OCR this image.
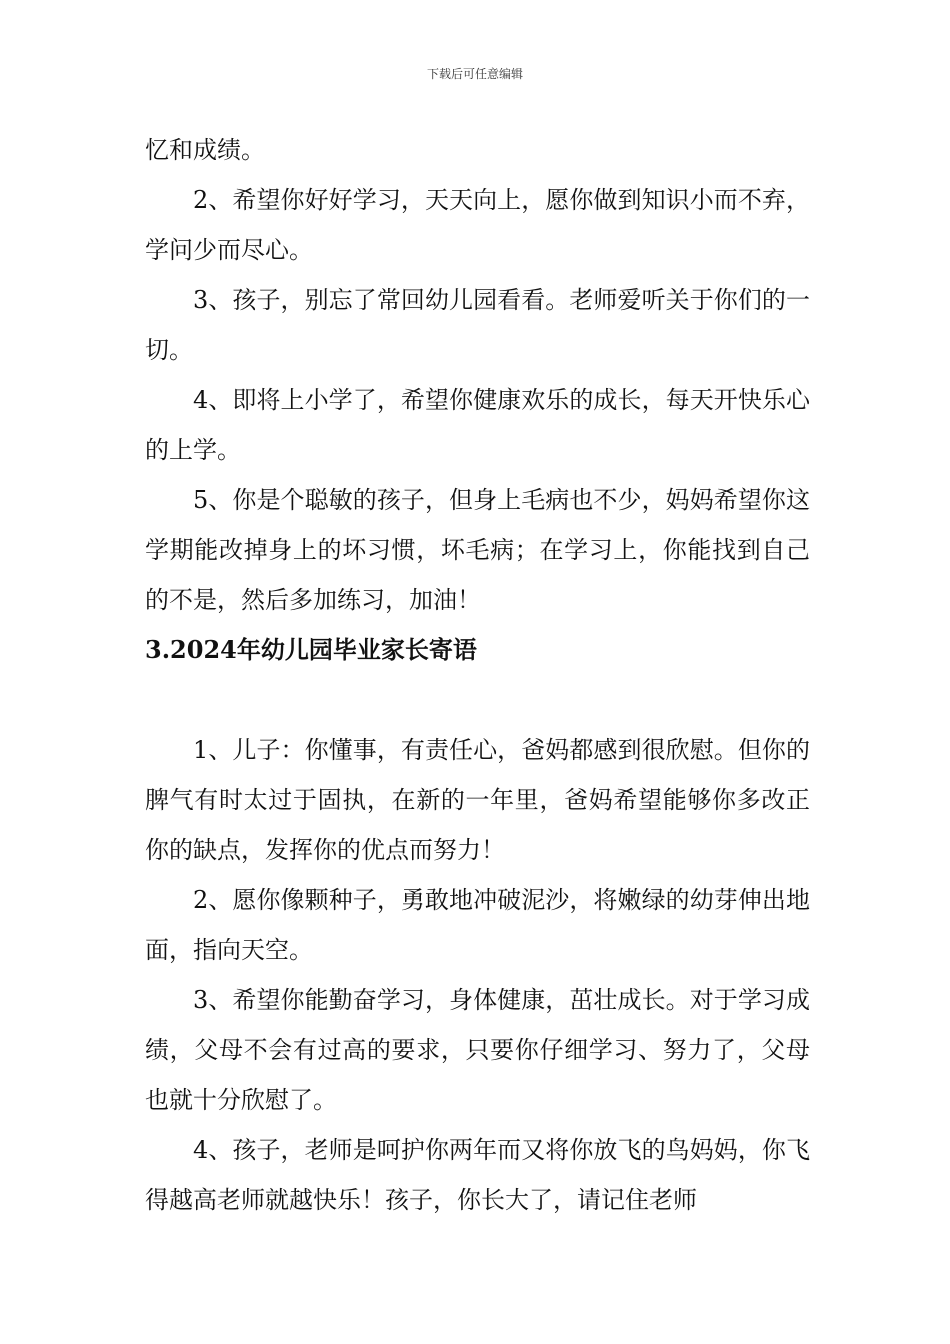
下载后可任意编辑

忆和成绩。

2、希望你好好学习，天天向上，愿你做到知识小而不弃，学问少而尽心。

3、孩子，别忘了常回幼儿园看看。老师爱听关于你们的一切。

4、即将上小学了，希望你健康欢乐的成长，每天开快乐心的上学。

5、你是个聪敏的孩子，但身上毛病也不少，妈妈希望你这学期能改掉身上的坏习惯，坏毛病；在学习上，你能找到自己的不是，然后多加练习，加油！

3.2024年幼儿园毕业家长寄语

1、儿子：你懂事，有责任心，爸妈都感到很欣慰。但你的脾气有时太过于固执，在新的一年里，爸妈希望能够你多改正你的缺点，发挥你的优点而努力！

2、愿你像颗种子，勇敢地冲破泥沙，将嫩绿的幼芽伸出地面，指向天空。

3、希望你能勤奋学习，身体健康，茁壮成长。对于学习成绩，父母不会有过高的要求，只要你仔细学习、努力了，父母也就十分欣慰了。

4、孩子，老师是呵护你两年而又将你放飞的鸟妈妈，你飞得越高老师就越快乐！孩子，你长大了，请记住老师
